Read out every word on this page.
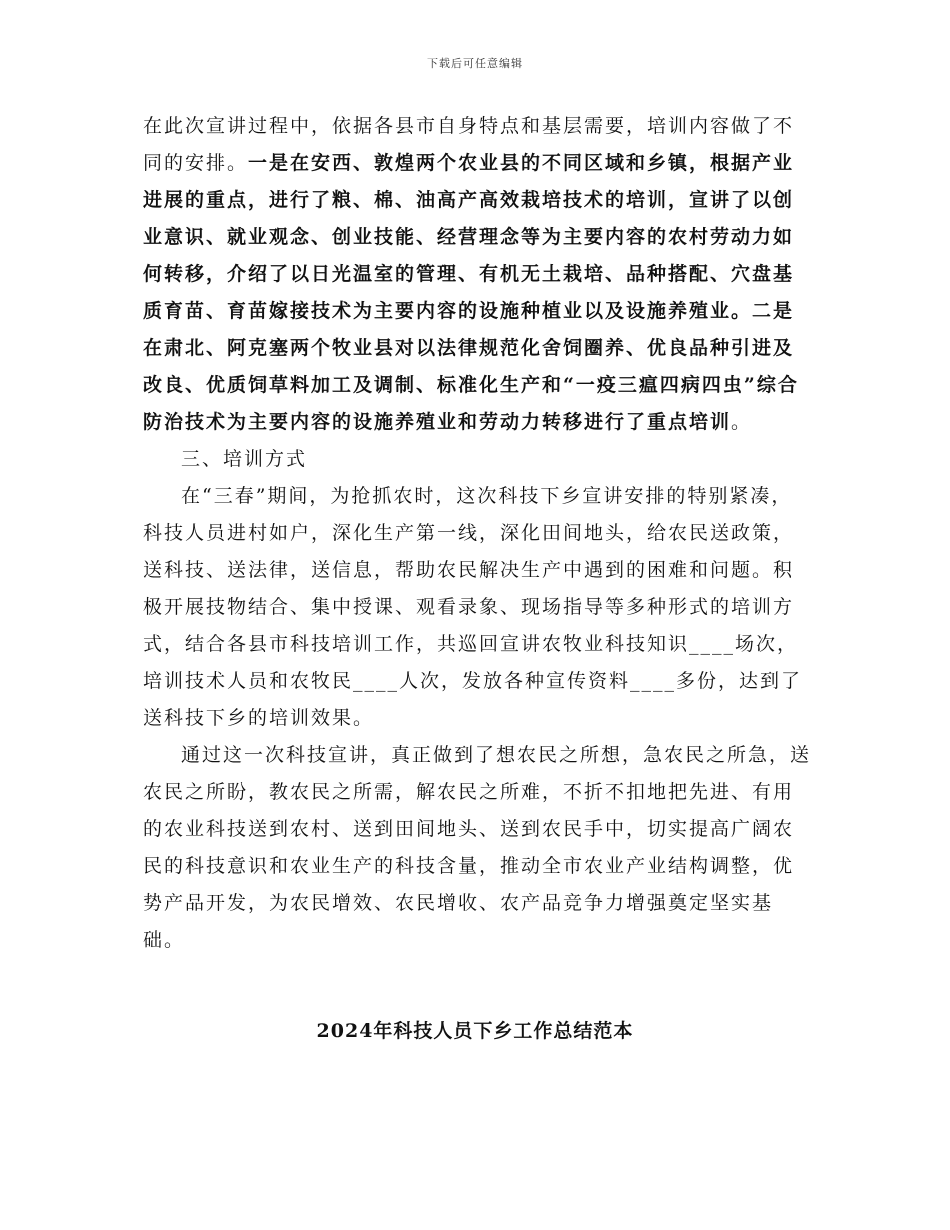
下载后可任意编辑

在此次宣讲过程中，依据各县市自身特点和基层需要，培训内容做了不同的安排。一是在安西、敦煌两个农业县的不同区域和乡镇，根据产业进展的重点，进行了粮、棉、油高产高效栽培技术的培训，宣讲了以创业意识、就业观念、创业技能、经营理念等为主要内容的农村劳动力如何转移，介绍了以日光温室的管理、有机无土栽培、品种搭配、穴盘基质育苗、育苗嫁接技术为主要内容的设施种植业以及设施养殖业。二是在肃北、阿克塞两个牧业县对以法律规范化舍饲圈养、优良品种引进及改良、优质饲草料加工及调制、标准化生产和“一疫三瘟四病四虫”综合防治技术为主要内容的设施养殖业和劳动力转移进行了重点培训。

三、培训方式

在“三春”期间，为抢抓农时，这次科技下乡宣讲安排的特别紧凑，科技人员进村如户，深化生产第一线，深化田间地头，给农民送政策，送科技、送法律，送信息，帮助农民解决生产中遇到的困难和问题。积极开展技物结合、集中授课、观看录象、现场指导等多种形式的培训方式，结合各县市科技培训工作，共巡回宣讲农牧业科技知识____场次，培训技术人员和农牧民____人次，发放各种宣传资料____多份，达到了送科技下乡的培训效果。

通过这一次科技宣讲，真正做到了想农民之所想，急农民之所急，送农民之所盼，教农民之所需，解农民之所难，不折不扣地把先进、有用的农业科技送到农村、送到田间地头、送到农民手中，切实提高广阔农民的科技意识和农业生产的科技含量，推动全市农业产业结构调整，优势产品开发，为农民增效、农民增收、农产品竞争力增强奠定坚实基础。

2024年科技人员下乡工作总结范本
